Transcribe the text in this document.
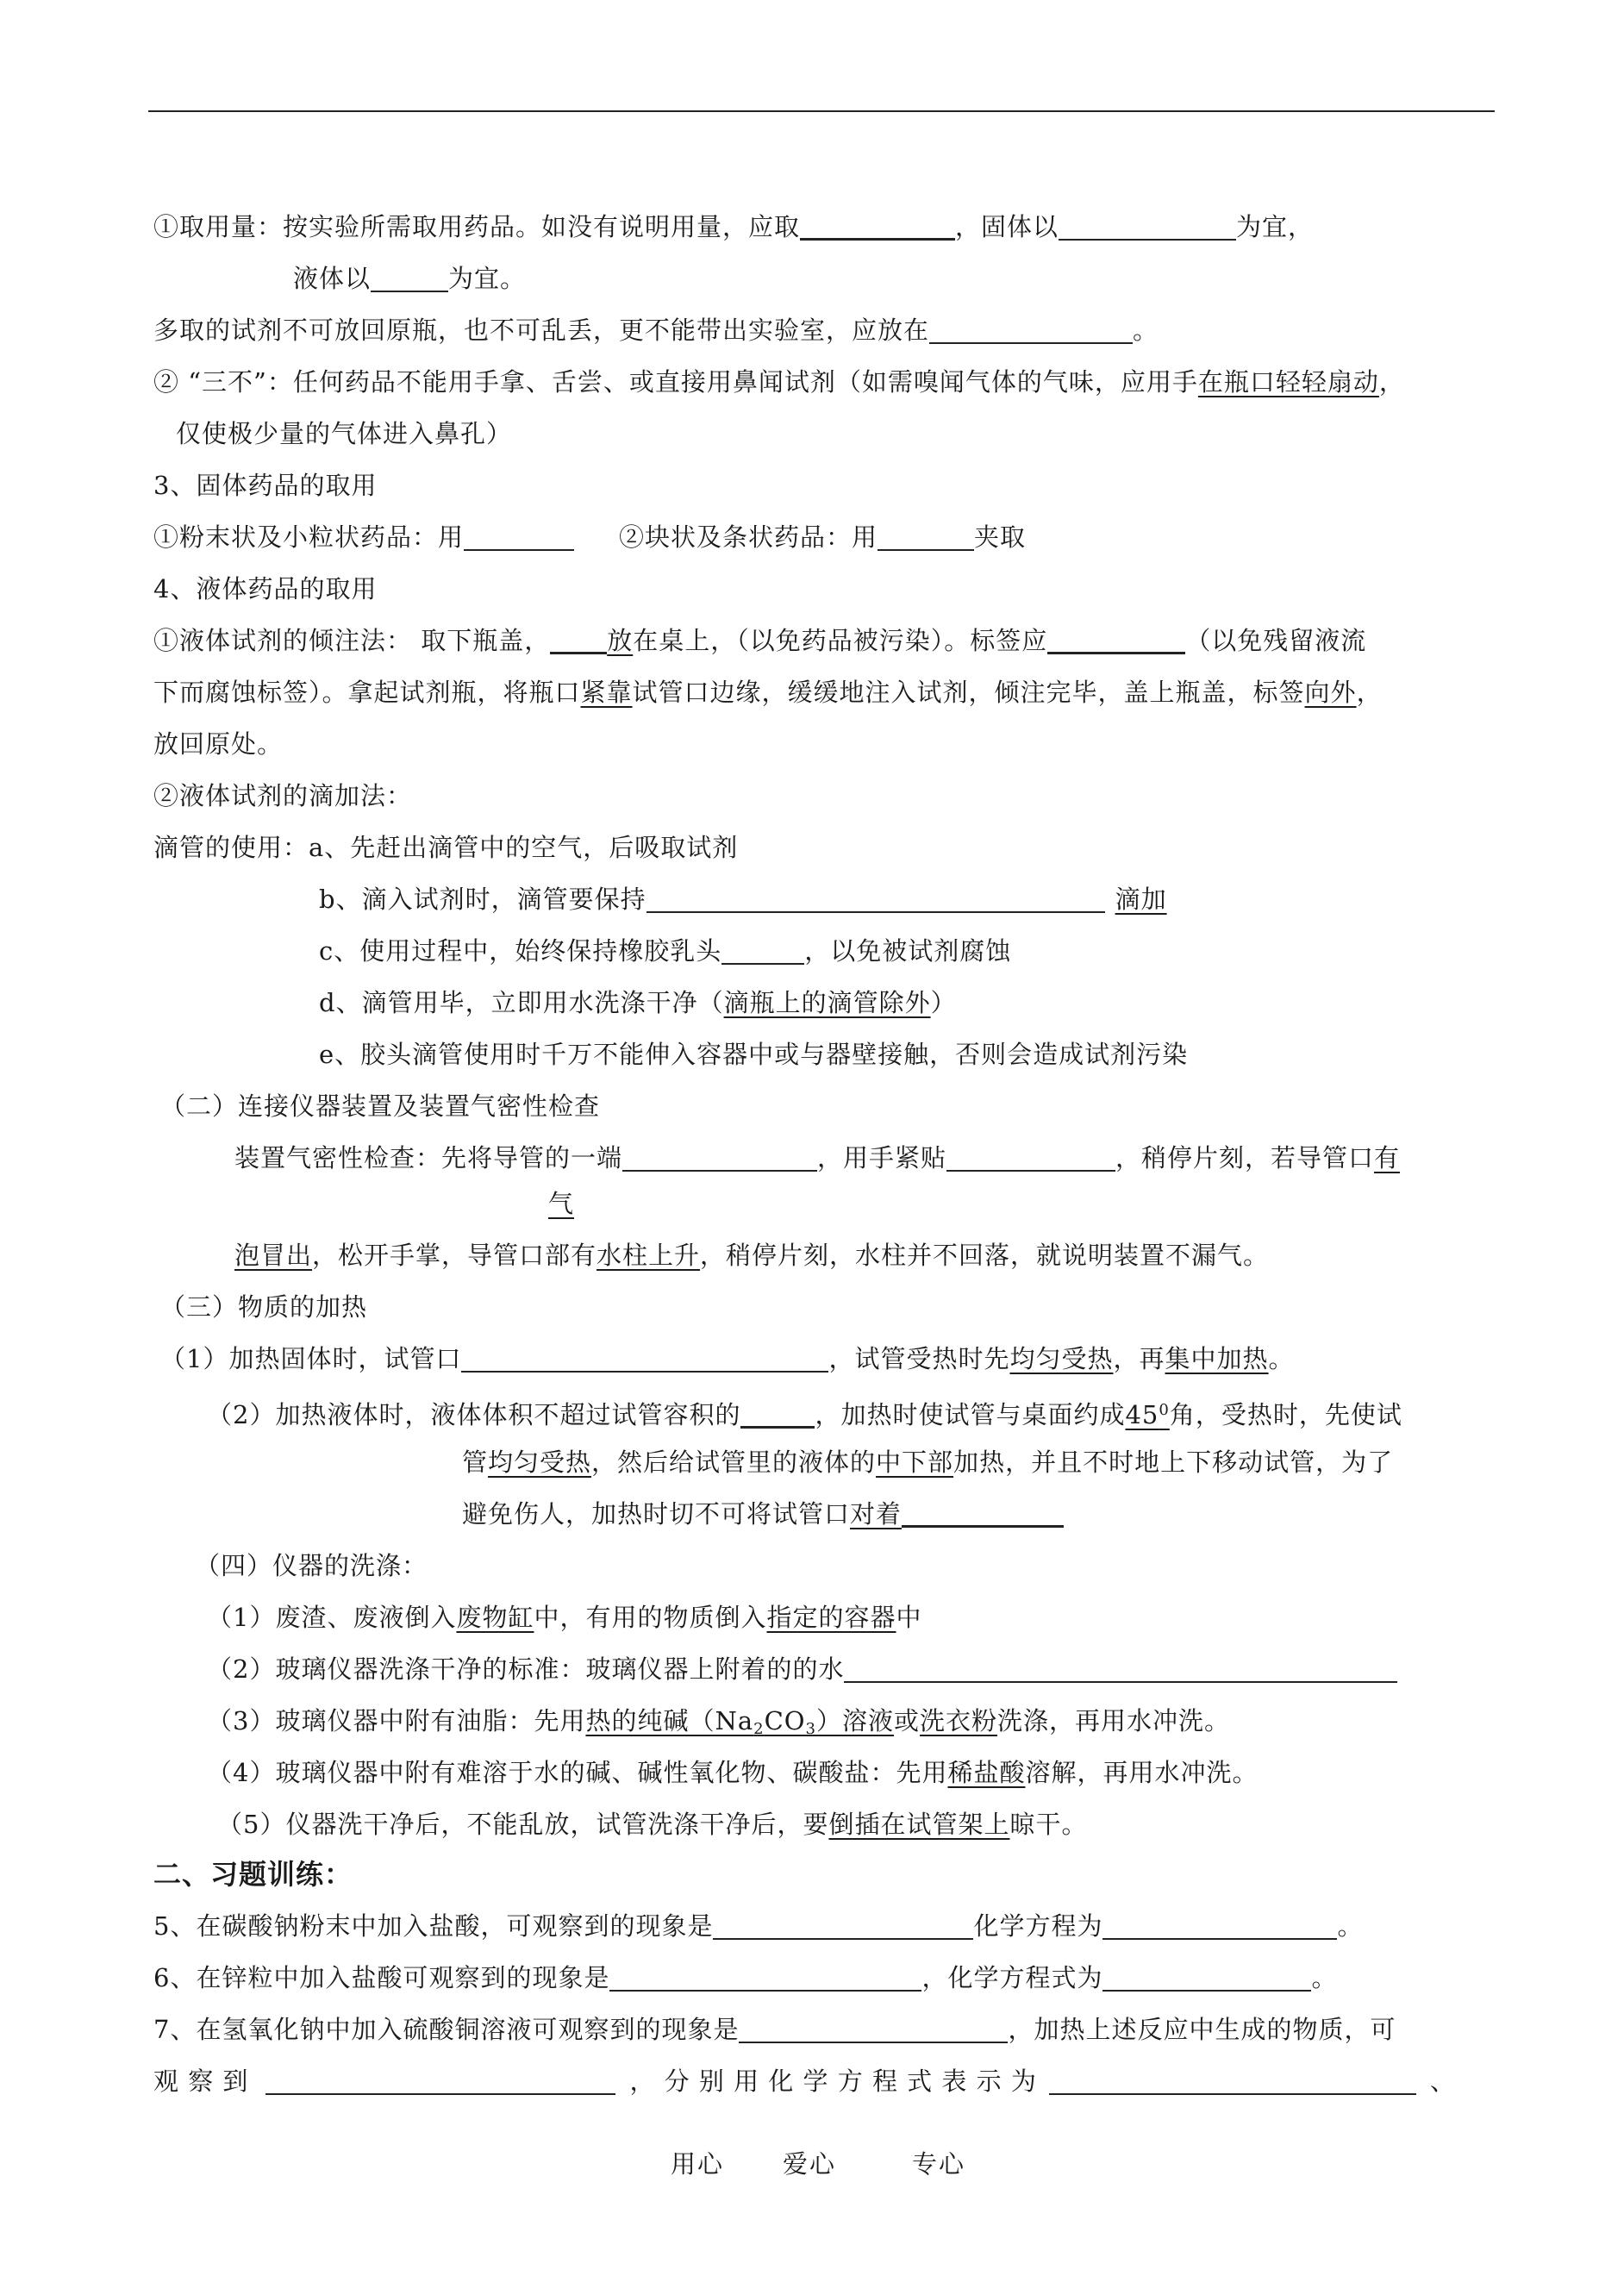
①取用量：按实验所需取用药品。如没有说明用量，应取	，固体以	为宜，
液体以	为宜。
多取的试剂不可放回原瓶，也不可乱丢，更不能带出实验室，应放在	。
② “三不”：任何药品不能用手拿、舌尝、或直接用鼻闻试剂（如需嗅闻气体的气味，应用手在瓶口轻轻扇动，
仅使极少量的气体进入鼻孔）
3、固体药品的取用
①粉末状及小粒状药品：用	②块状及条状药品：用	夹取
4、液体药品的取用
①液体试剂的倾注法： 取下瓶盖， 放在桌上，（以免药品被污染）。标签应	（以免残留液流
下而腐蚀标签）。拿起试剂瓶，将瓶口紧靠试管口边缘，缓缓地注入试剂，倾注完毕，盖上瓶盖，标签向外，
放回原处。
②液体试剂的滴加法：
滴管的使用：a、先赶出滴管中的空气，后吸取试剂
b、滴入试剂时，滴管要保持	滴加
c、使用过程中，始终保持橡胶乳头	，以免被试剂腐蚀
d、滴管用毕，立即用水洗涤干净（滴瓶上的滴管除外）
e、胶头滴管使用时千万不能伸入容器中或与器壁接触，否则会造成试剂污染
（二）连接仪器装置及装置气密性检查
装置气密性检查：先将导管的一端	，用手紧贴	，稍停片刻，若导管口有
气
泡冒出，松开手掌，导管口部有水柱上升，稍停片刻，水柱并不回落，就说明装置不漏气。
（三）物质的加热
（1）加热固体时，试管口	，试管受热时先均匀受热，再集中加热。
（2）加热液体时，液体体积不超过试管容积的	，加热时使试管与桌面约成$45^0$角，受热时，先使试
管均匀受热，然后给试管里的液体的中下部加热，并且不时地上下移动试管，为了
避免伤人，加热时切不可将试管口对着
（四）仪器的洗涤：
（1）废渣、废液倒入废物缸中，有用的物质倒入指定的容器中
（2）玻璃仪器洗涤干净的标准：玻璃仪器上附着的的水
（3）玻璃仪器中附有油脂：先用热的纯碱$(Na_2CO_3)$溶液或洗衣粉洗涤，再用水冲洗。
（4）玻璃仪器中附有难溶于水的碱、碱性氧化物、碳酸盐：先用稀盐酸溶解，再用水冲洗。
（5）仪器洗干净后，不能乱放，试管洗涤干净后，要倒插在试管架上晾干。
二、习题训练：
5、在碳酸钠粉末中加入盐酸，可观察到的现象是	化学方程为	。
6、在锌粒中加入盐酸可观察到的现象是	，化学方程式为	。
7、在氢氧化钠中加入硫酸铜溶液可观察到的现象是	，加热上述反应中生成的物质，可
观 察 到	， 分 别 用 化 学 方 程 式 表 示 为	、
用心 爱心	专心
